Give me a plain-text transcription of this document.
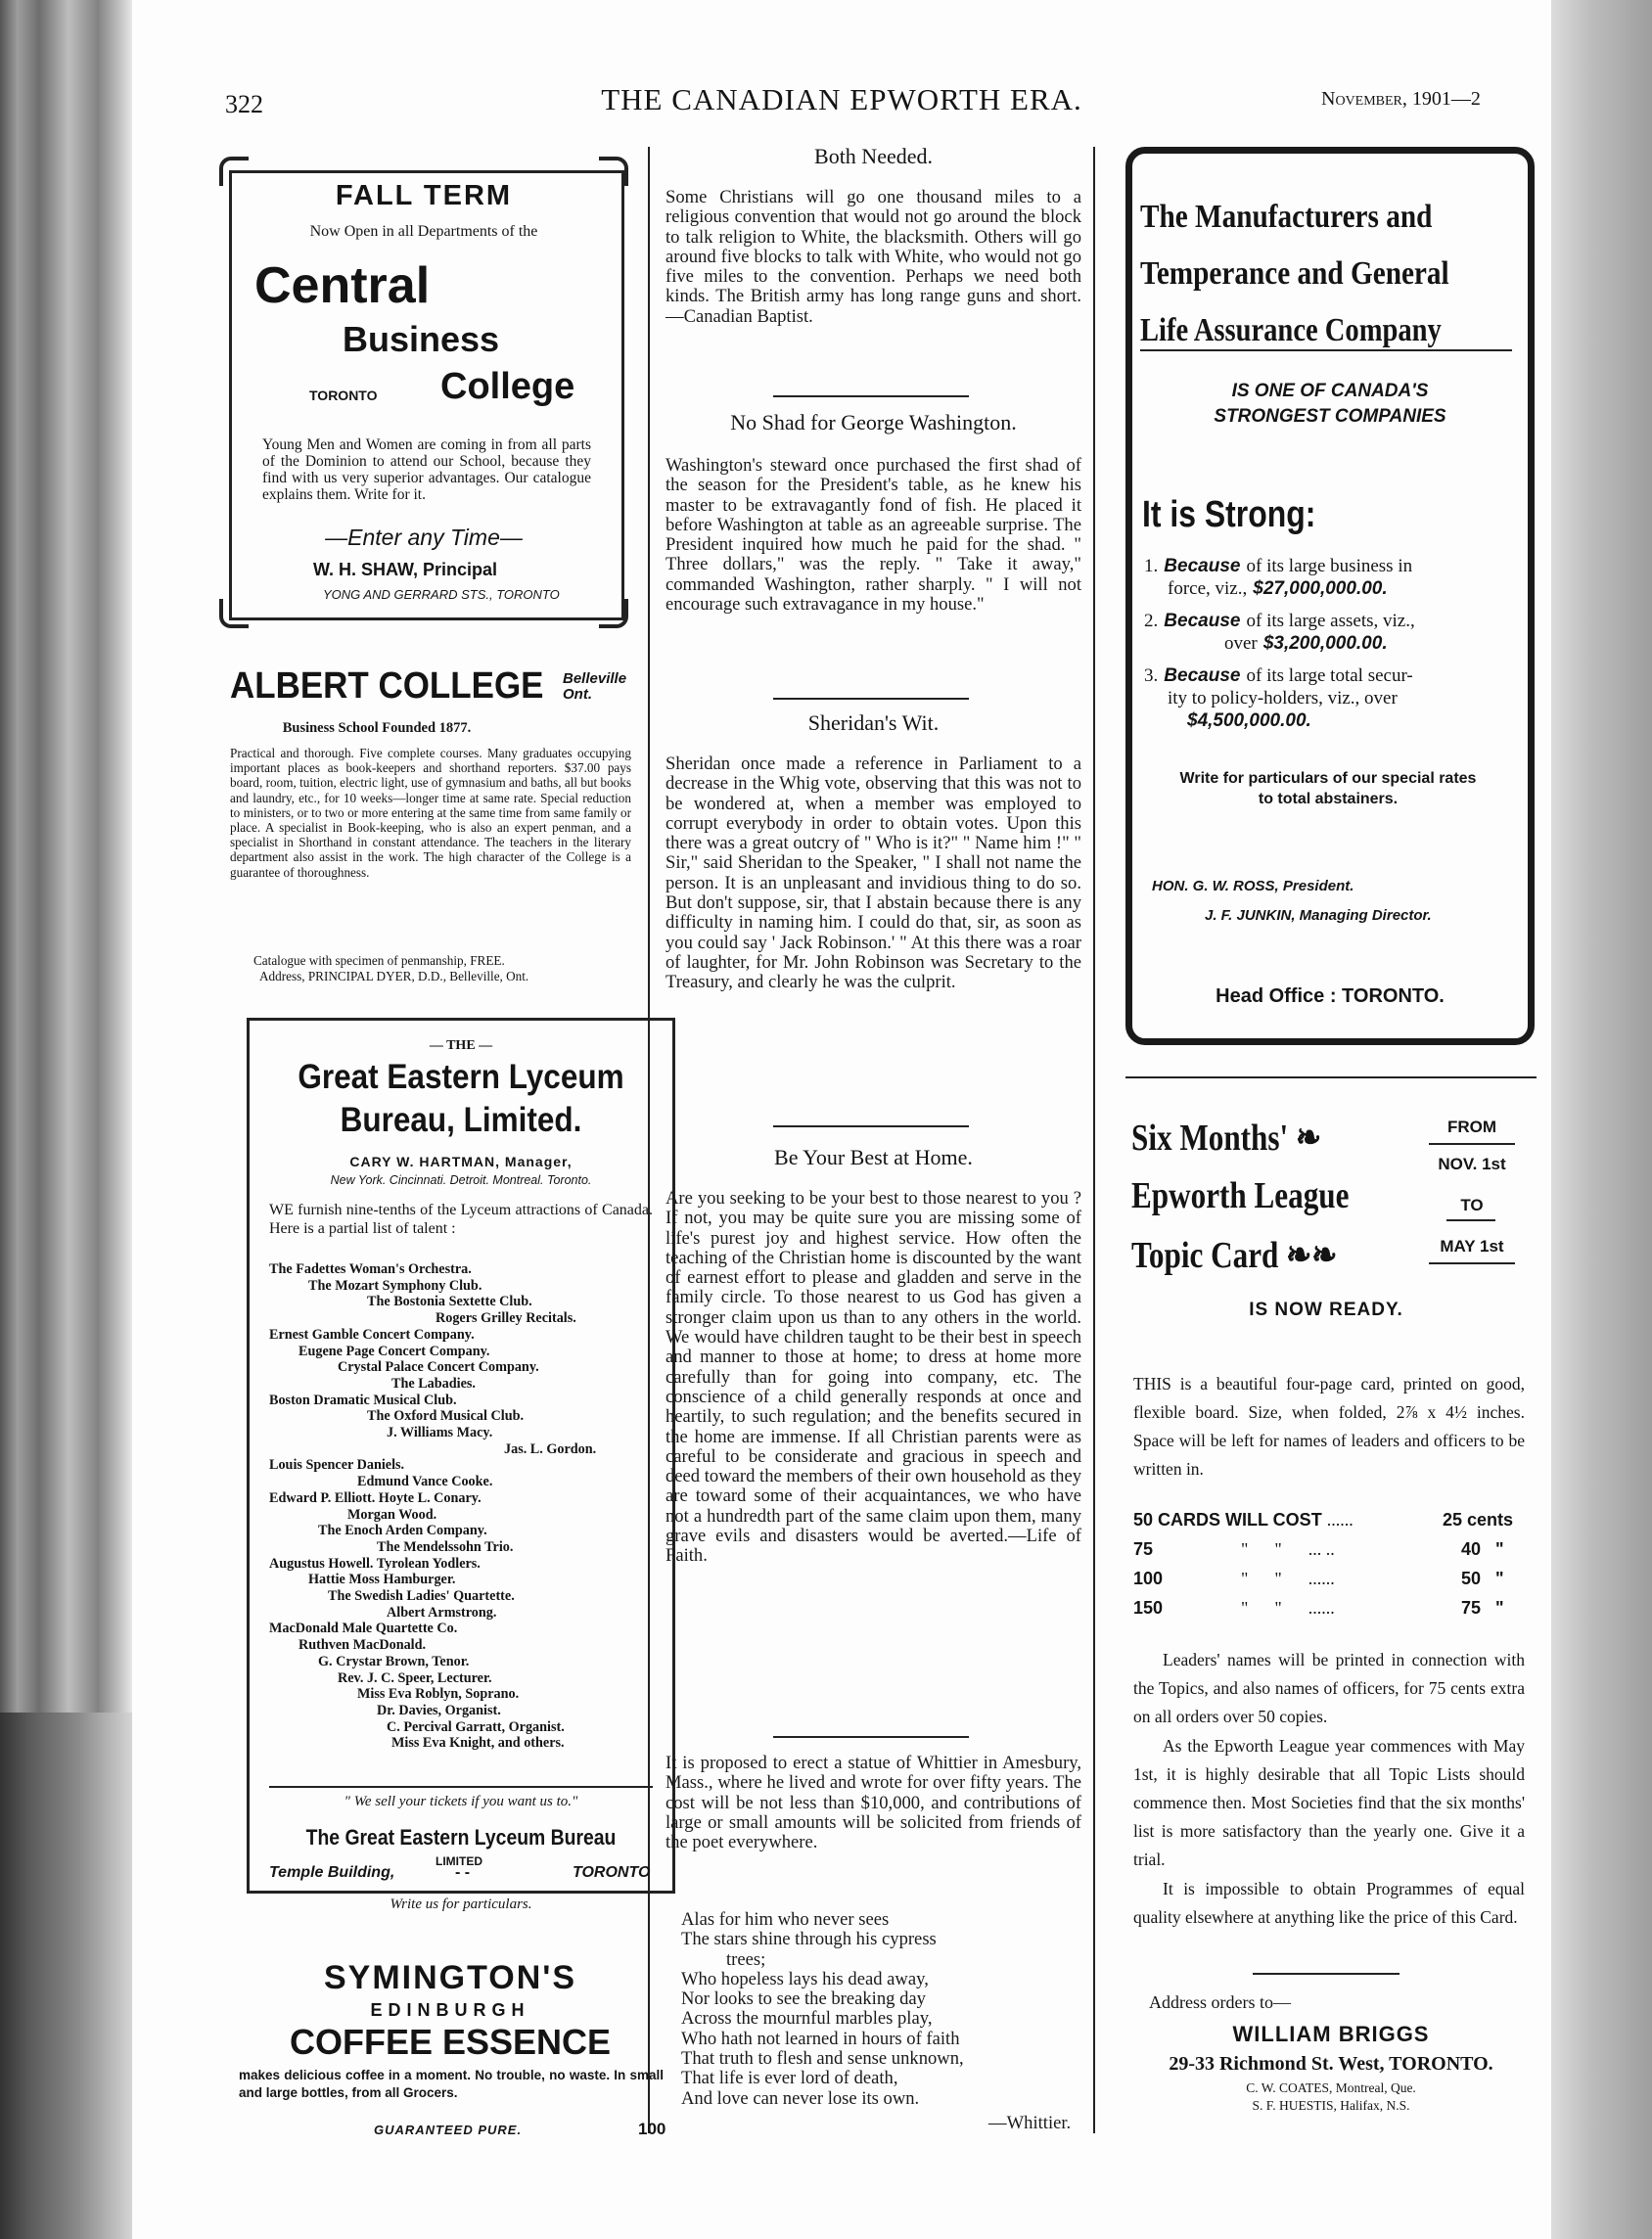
322	THE CANADIAN EPWORTH ERA.	November, 1901—2
FALL TERM
Now Open in all Departments of the
Central
Business
TORONTO College
Young Men and Women are coming in from all parts of the Dominion to attend our School, because they find with us very superior advantages. Our catalogue explains them. Write for it.
—Enter any Time—
W. H. SHAW, Principal
YONG AND GERRARD STS., TORONTO
ALBERT COLLEGE Belleville Ont.
Business School Founded 1877.
Practical and thorough. Five complete courses. Many graduates occupying important places as book-keepers and shorthand reporters. $37.00 pays board, room, tuition, electric light, use of gymnasium and baths, all but books and laundry, etc., for 10 weeks—longer time at same rate. Special reduction to ministers, or to two or more entering at the same time from same family or place. A specialist in Book-keeping, who is also an expert penman, and a specialist in Shorthand in constant attendance. The teachers in the literary department also assist in the work. The high character of the College is a guarantee of thoroughness.
Catalogue with specimen of penmanship, FREE.
Address, PRINCIPAL DYER, D.D., Belleville, Ont.
— THE —
Great Eastern Lyceum
Bureau, Limited.
CARY W. HARTMAN, Manager,
New York. Cincinnati. Detroit. Montreal. Toronto.
WE furnish nine-tenths of the Lyceum attractions of Canada. Here is a partial list of talent :
The Fadettes Woman's Orchestra.
The Mozart Symphony Club.
The Bostonia Sextette Club.
Rogers Grilley Recitals.
Ernest Gamble Concert Company.
Eugene Page Concert Company.
Crystal Palace Concert Company.
The Labadies.
Boston Dramatic Musical Club.
The Oxford Musical Club.
J. Williams Macy.
Jas. L. Gordon.
Louis Spencer Daniels.
Edmund Vance Cooke.
Edward P. Elliott. Hoyte L. Conary.
Morgan Wood.
The Enoch Arden Company.
The Mendelssohn Trio.
Augustus Howell. Tyrolean Yodlers.
Hattie Moss Hamburger.
The Swedish Ladies' Quartette.
Albert Armstrong.
MacDonald Male Quartette Co.
Ruthven MacDonald.
G. Crystar Brown, Tenor.
Rev. J. C. Speer, Lecturer.
Miss Eva Roblyn, Soprano.
Dr. Davies, Organist.
C. Percival Garratt, Organist.
Miss Eva Knight, and others.
" We sell your tickets if you want us to."
The Great Eastern Lyceum Bureau
LIMITED
Temple Building,	- -	TORONTO
Write us for particulars.
SYMINGTON'S
EDINBURGH
COFFEE ESSENCE
makes delicious coffee in a moment. No trouble, no waste. In small and large bottles, from all Grocers.
GUARANTEED PURE.	100
Both Needed.
Some Christians will go one thousand miles to a religious convention that would not go around the block to talk religion to White, the blacksmith. Others will go around five blocks to talk with White, who would not go five miles to the convention. Perhaps we need both kinds. The British army has long range guns and short.—Canadian Baptist.
No Shad for George Washington.
Washington's steward once purchased the first shad of the season for the President's table, as he knew his master to be extravagantly fond of fish. He placed it before Washington at table as an agreeable surprise. The President inquired how much he paid for the shad. " Three dollars," was the reply. " Take it away," commanded Washington, rather sharply. " I will not encourage such extravagance in my house."
Sheridan's Wit.
Sheridan once made a reference in Parliament to a decrease in the Whig vote, observing that this was not to be wondered at, when a member was employed to corrupt everybody in order to obtain votes. Upon this there was a great outcry of " Who is it?" " Name him !" " Sir," said Sheridan to the Speaker, " I shall not name the person. It is an unpleasant and invidious thing to do so. But don't suppose, sir, that I abstain because there is any difficulty in naming him. I could do that, sir, as soon as you could say ' Jack Robinson.' " At this there was a roar of laughter, for Mr. John Robinson was Secretary to the Treasury, and clearly he was the culprit.
Be Your Best at Home.
Are you seeking to be your best to those nearest to you ? If not, you may be quite sure you are missing some of life's purest joy and highest service. How often the teaching of the Christian home is discounted by the want of earnest effort to please and gladden and serve in the family circle. To those nearest to us God has given a stronger claim upon us than to any others in the world. We would have children taught to be their best in speech and manner to those at home; to dress at home more carefully than for going into company, etc. The conscience of a child generally responds at once and heartily, to such regulation; and the benefits secured in the home are immense. If all Christian parents were as careful to be considerate and gracious in speech and deed toward the members of their own household as they are toward some of their acquaintances, we who have not a hundredth part of the same claim upon them, many grave evils and disasters would be averted.—Life of Faith.
It is proposed to erect a statue of Whittier in Amesbury, Mass., where he lived and wrote for over fifty years. The cost will be not less than $10,000, and contributions of large or small amounts will be solicited from friends of the poet everywhere.
Alas for him who never sees
The stars shine through his cypress
trees;
Who hopeless lays his dead away,
Nor looks to see the breaking day
Across the mournful marbles play,
Who hath not learned in hours of faith
That truth to flesh and sense unknown,
That life is ever lord of death,
And love can never lose its own.
—Whittier.
The Manufacturers and
Temperance and General
Life Assurance Company
IS ONE OF CANADA'S
STRONGEST COMPANIES
It is Strong:
1. Because of its large business in
force, viz., $27,000,000.00.
2. Because of its large assets, viz.,
over $3,200,000.00.
3. Because of its large total secur-
ity to policy-holders, viz., over
$4,500,000.00.
Write for particulars of our special rates to total abstainers.
HON. G. W. ROSS, President.
J. F. JUNKIN, Managing Director.
Head Office : TORONTO.
Six Months' ❧
Epworth League
Topic Card ❧❧
FROM
NOV. 1st
TO
MAY 1st
IS NOW READY.
THIS is a beautiful four-page card, printed on good, flexible board. Size, when folded, 2⅞ x 4½ inches. Space will be left for names of leaders and officers to be written in.
50 CARDS WILL COST ......	25 cents
75	"      "      ... ..	40   "
100	"      "      ......	50   "
150	"      "      ......	75   "
Leaders' names will be printed in connection with the Topics, and also names of officers, for 75 cents extra on all orders over 50 copies.
As the Epworth League year commences with May 1st, it is highly desirable that all Topic Lists should commence then. Most Societies find that the six months' list is more satisfactory than the yearly one. Give it a trial.
It is impossible to obtain Programmes of equal quality elsewhere at anything like the price of this Card.
Address orders to—
WILLIAM BRIGGS
29-33 Richmond St. West, TORONTO.
C. W. COATES, Montreal, Que.
S. F. HUESTIS, Halifax, N.S.
